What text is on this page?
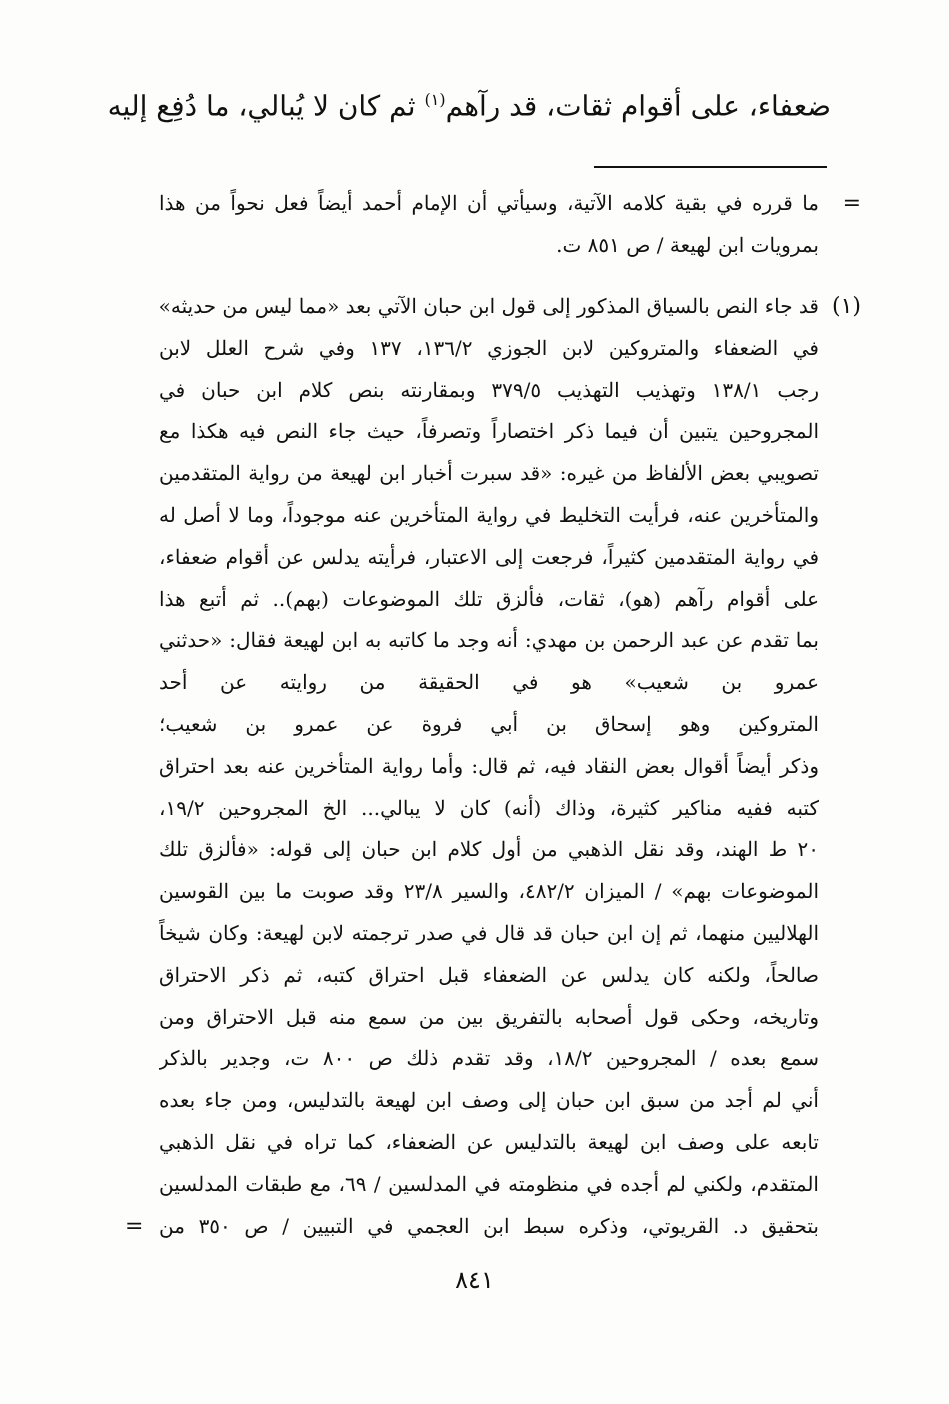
ضعفاء، على أقوام ثقات، قد رآهم$^{(١)}$ ثم كان لا يُبالي، ما دُفِع إليه
=
ما قرره في بقية كلامه الآتية، وسيأتي أن الإمام أحمد أيضاً فعل نحواً من هذا
بمرويات ابن لهيعة / ص ٨٥١ ت.
(١)
قد جاء النص بالسياق المذكور إلى قول ابن حبان الآتي بعد «مما ليس من حديثه»
في الضعفاء والمتروكين لابن الجوزي ١٣٦/٢، ١٣٧ وفي شرح العلل لابن
رجب ١٣٨/١ وتهذيب التهذيب ٣٧٩/٥ وبمقارنته بنص كلام ابن حبان في
المجروحين يتبين أن فيما ذكر اختصاراً وتصرفاً، حيث جاء النص فيه هكذا مع
تصويبي بعض الألفاظ من غيره: «قد سبرت أخبار ابن لهيعة من رواية المتقدمين
والمتأخرين عنه، فرأيت التخليط في رواية المتأخرين عنه موجوداً، وما لا أصل له
في رواية المتقدمين كثيراً، فرجعت إلى الاعتبار، فرأيته يدلس عن أقوام ضعفاء،
على أقوام رآهم (هو)، ثقات، فألزق تلك الموضوعات (بهم).. ثم أتبع هذا
بما تقدم عن عبد الرحمن بن مهدي: أنه وجد ما كاتبه به ابن لهيعة فقال: «حدثني
عمرو بن شعيب» هو في الحقيقة من روايته عن أحد
المتروكين وهو إسحاق بن أبي فروة عن عمرو بن شعيب؛
وذكر أيضاً أقوال بعض النقاد فيه، ثم قال: وأما رواية المتأخرين عنه بعد احتراق
كتبه ففيه مناكير كثيرة، وذاك (أنه) كان لا يبالي... الخ المجروحين ١٩/٢،
٢٠ ط الهند، وقد نقل الذهبي من أول كلام ابن حبان إلى قوله: «فألزق تلك
الموضوعات بهم» / الميزان ٤٨٢/٢، والسير ٢٣/٨ وقد صوبت ما بين القوسين
الهلاليين منهما، ثم إن ابن حبان قد قال في صدر ترجمته لابن لهيعة: وكان شيخاً
صالحاً، ولكنه كان يدلس عن الضعفاء قبل احتراق كتبه، ثم ذكر الاحتراق
وتاريخه، وحكى قول أصحابه بالتفريق بين من سمع منه قبل الاحتراق ومن
سمع بعده / المجروحين ١٨/٢، وقد تقدم ذلك ص ٨٠٠ ت، وجدير بالذكر
أني لم أجد من سبق ابن حبان إلى وصف ابن لهيعة بالتدليس، ومن جاء بعده
تابعه على وصف ابن لهيعة بالتدليس عن الضعفاء، كما تراه في نقل الذهبي
المتقدم، ولكني لم أجده في منظومته في المدلسين / ٦٩، مع طبقات المدلسين
بتحقيق د. القريوتي، وذكره سبط ابن العجمي في التبيين / ص ٣٥٠ من
=
٨٤١
